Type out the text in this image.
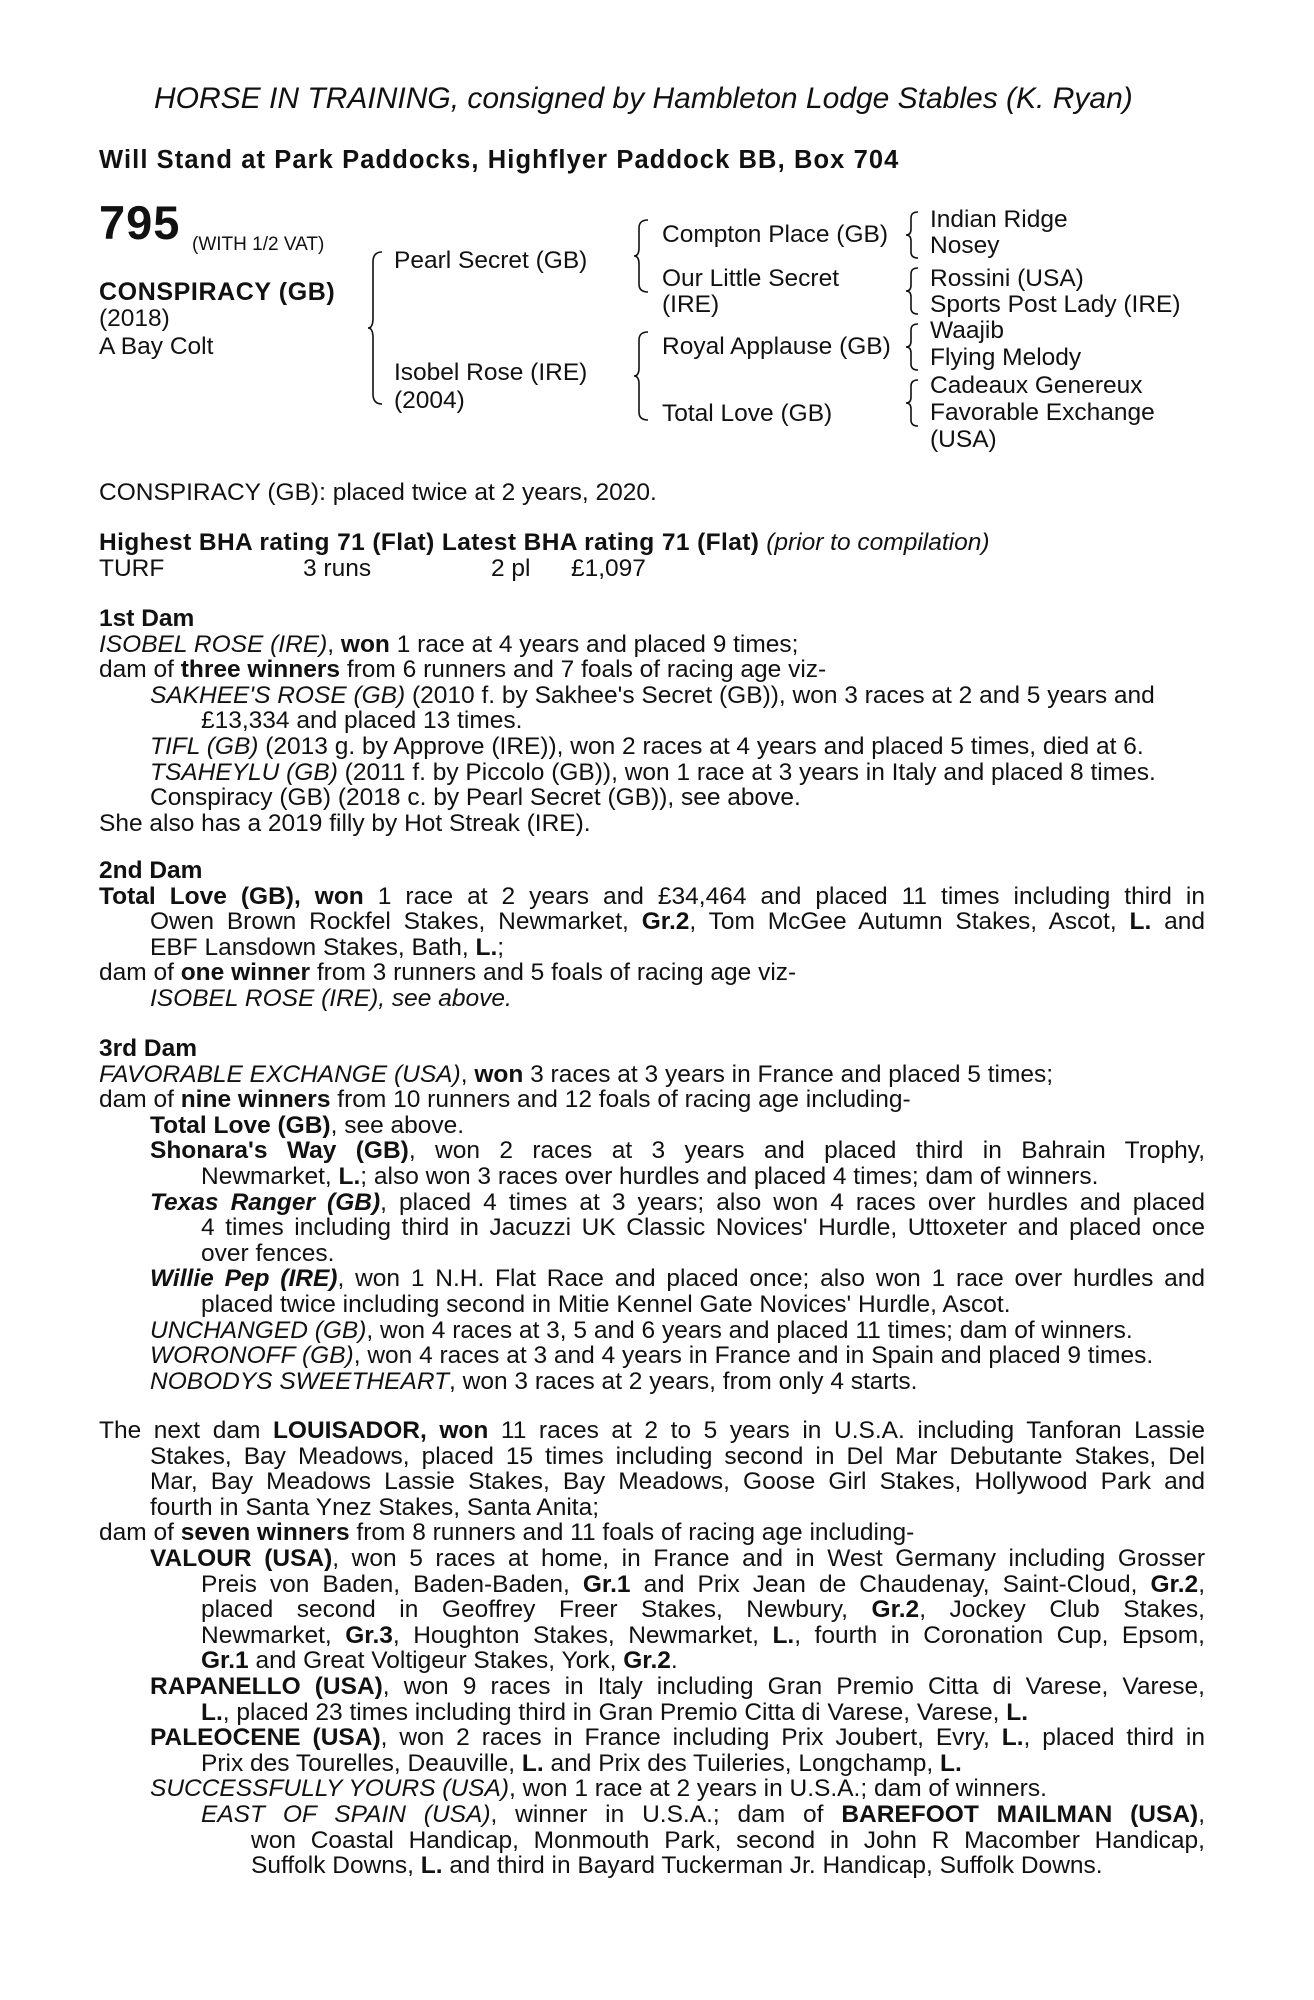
HORSE IN TRAINING, consigned by Hambleton Lodge Stables (K. Ryan)
Will Stand at Park Paddocks, Highflyer Paddock BB, Box 704
795 (WITH 1/2 VAT)
CONSPIRACY (GB)
(2018)
A Bay Colt
Pearl Secret (GB)
Isobel Rose (IRE)
(2004)
Compton Place (GB)
Our Little Secret
(IRE)
Royal Applause (GB)
Total Love (GB)
Indian Ridge
Nosey
Rossini (USA)
Sports Post Lady (IRE)
Waajib
Flying Melody
Cadeaux Genereux
Favorable Exchange
(USA)
CONSPIRACY (GB): placed twice at 2 years, 2020.
Highest BHA rating 71 (Flat) Latest BHA rating 71 (Flat) (prior to compilation)
TURF	3 runs	2 pl £1,097
1st Dam
ISOBEL ROSE (IRE), won 1 race at 4 years and placed 9 times;
dam of three winners from 6 runners and 7 foals of racing age viz-
SAKHEE'S ROSE (GB) (2010 f. by Sakhee's Secret (GB)), won 3 races at 2 and 5 years and
£13,334 and placed 13 times.
TIFL (GB) (2013 g. by Approve (IRE)), won 2 races at 4 years and placed 5 times, died at 6.
TSAHEYLU (GB) (2011 f. by Piccolo (GB)), won 1 race at 3 years in Italy and placed 8 times.
Conspiracy (GB) (2018 c. by Pearl Secret (GB)), see above.
She also has a 2019 filly by Hot Streak (IRE).
2nd Dam
Total Love (GB), won 1 race at 2 years and £34,464 and placed 11 times including third in
Owen Brown Rockfel Stakes, Newmarket, Gr.2, Tom McGee Autumn Stakes, Ascot, L. and
EBF Lansdown Stakes, Bath, L.;
dam of one winner from 3 runners and 5 foals of racing age viz-
ISOBEL ROSE (IRE), see above.
3rd Dam
FAVORABLE EXCHANGE (USA), won 3 races at 3 years in France and placed 5 times;
dam of nine winners from 10 runners and 12 foals of racing age including-
Total Love (GB), see above.
Shonara's Way (GB), won 2 races at 3 years and placed third in Bahrain Trophy,
Newmarket, L.; also won 3 races over hurdles and placed 4 times; dam of winners.
Texas Ranger (GB), placed 4 times at 3 years; also won 4 races over hurdles and placed
4 times including third in Jacuzzi UK Classic Novices' Hurdle, Uttoxeter and placed once
over fences.
Willie Pep (IRE), won 1 N.H. Flat Race and placed once; also won 1 race over hurdles and
placed twice including second in Mitie Kennel Gate Novices' Hurdle, Ascot.
UNCHANGED (GB), won 4 races at 3, 5 and 6 years and placed 11 times; dam of winners.
WORONOFF (GB), won 4 races at 3 and 4 years in France and in Spain and placed 9 times.
NOBODYS SWEETHEART, won 3 races at 2 years, from only 4 starts.
The next dam LOUISADOR, won 11 races at 2 to 5 years in U.S.A. including Tanforan Lassie
Stakes, Bay Meadows, placed 15 times including second in Del Mar Debutante Stakes, Del
Mar, Bay Meadows Lassie Stakes, Bay Meadows, Goose Girl Stakes, Hollywood Park and
fourth in Santa Ynez Stakes, Santa Anita;
dam of seven winners from 8 runners and 11 foals of racing age including-
VALOUR (USA), won 5 races at home, in France and in West Germany including Grosser
Preis von Baden, Baden-Baden, Gr.1 and Prix Jean de Chaudenay, Saint-Cloud, Gr.2,
placed second in Geoffrey Freer Stakes, Newbury, Gr.2, Jockey Club Stakes,
Newmarket, Gr.3, Houghton Stakes, Newmarket, L., fourth in Coronation Cup, Epsom,
Gr.1 and Great Voltigeur Stakes, York, Gr.2.
RAPANELLO (USA), won 9 races in Italy including Gran Premio Citta di Varese, Varese,
L., placed 23 times including third in Gran Premio Citta di Varese, Varese, L.
PALEOCENE (USA), won 2 races in France including Prix Joubert, Evry, L., placed third in
Prix des Tourelles, Deauville, L. and Prix des Tuileries, Longchamp, L.
SUCCESSFULLY YOURS (USA), won 1 race at 2 years in U.S.A.; dam of winners.
EAST OF SPAIN (USA), winner in U.S.A.; dam of BAREFOOT MAILMAN (USA),
won Coastal Handicap, Monmouth Park, second in John R Macomber Handicap,
Suffolk Downs, L. and third in Bayard Tuckerman Jr. Handicap, Suffolk Downs.
